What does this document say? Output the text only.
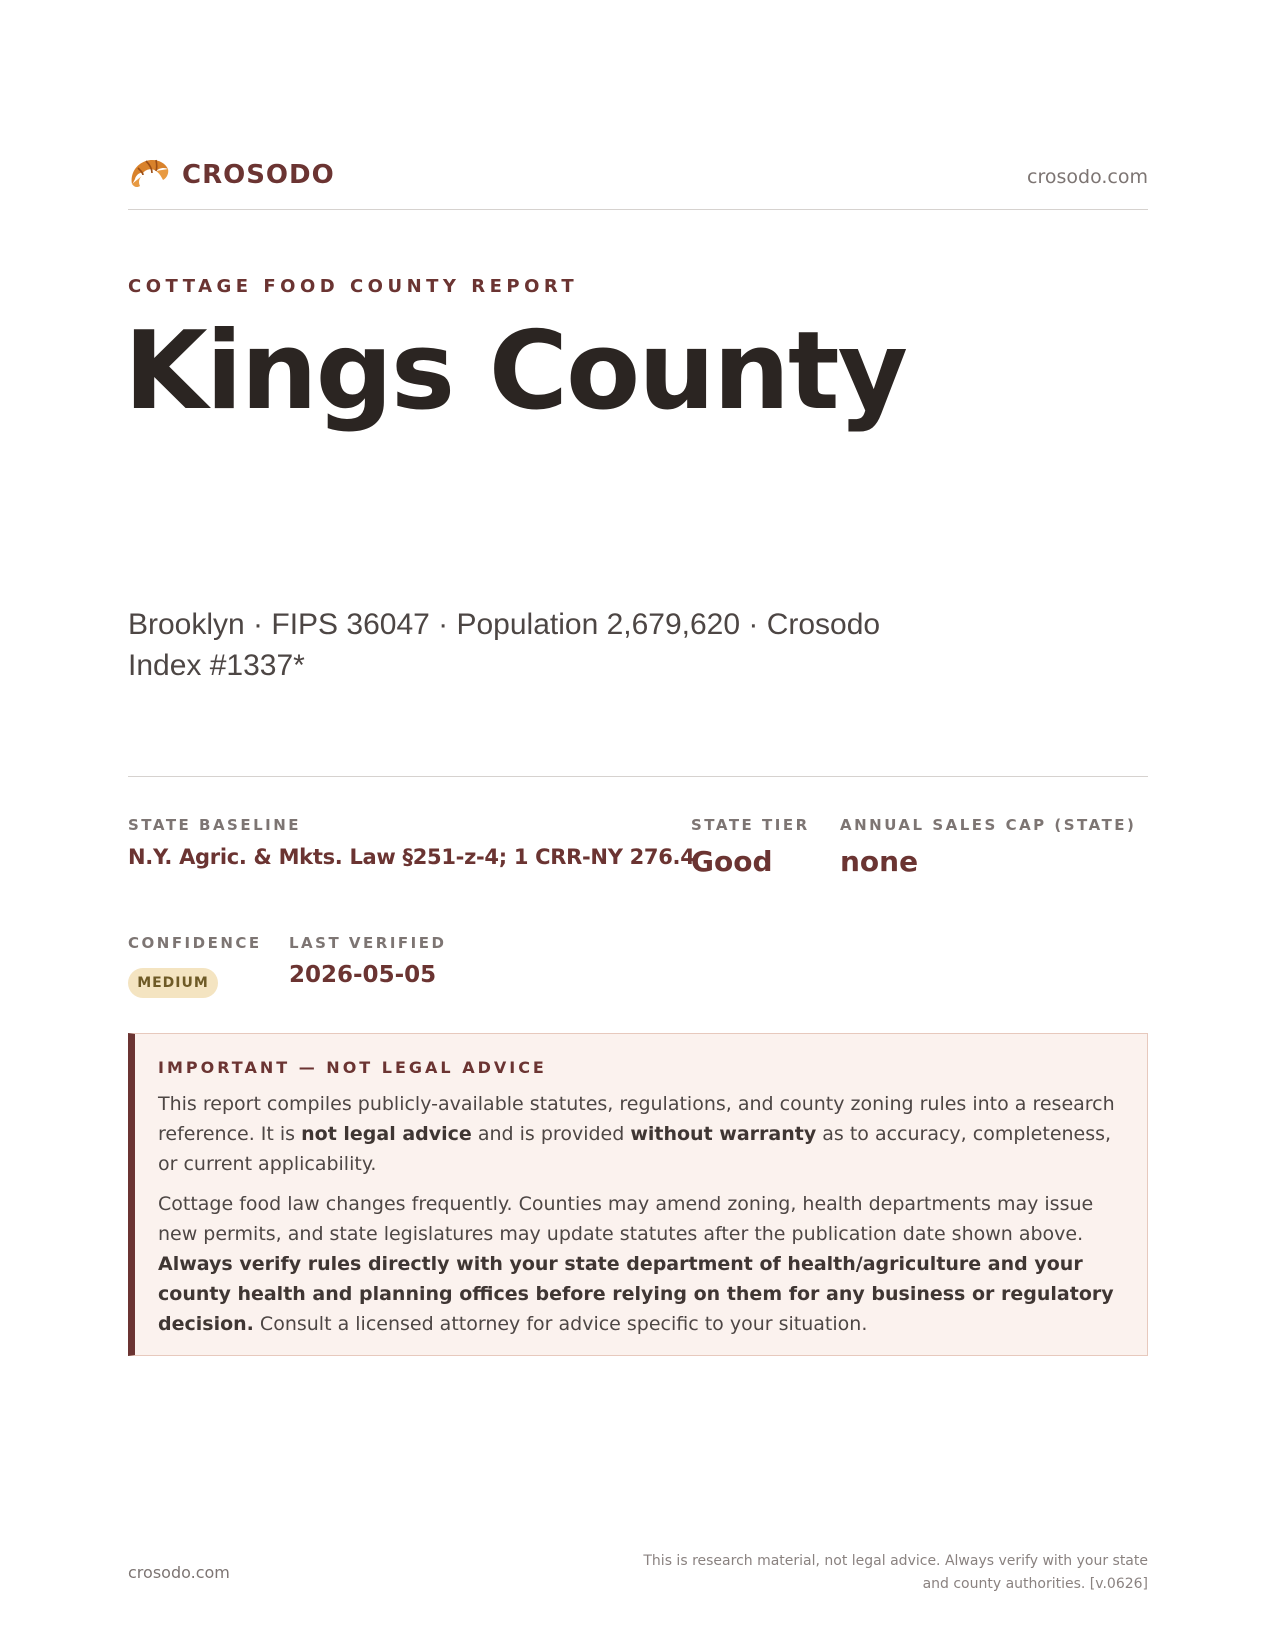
CROSODO	crosodo.com
COTTAGE FOOD COUNTY REPORT
Kings County
Brooklyn · FIPS 36047 · Population 2,679,620 · Crosodo Index #1337*
STATE BASELINE
N.Y. Agric. & Mkts. Law §251-z-4; 1 CRR-NY 276.4
STATE TIER
Good
ANNUAL SALES CAP (STATE)
none
CONFIDENCE
MEDIUM
LAST VERIFIED
2026-05-05
IMPORTANT — NOT LEGAL ADVICE

This report compiles publicly-available statutes, regulations, and county zoning rules into a research reference. It is not legal advice and is provided without warranty as to accuracy, completeness, or current applicability.

Cottage food law changes frequently. Counties may amend zoning, health departments may issue new permits, and state legislatures may update statutes after the publication date shown above. Always verify rules directly with your state department of health/agriculture and your county health and planning offices before relying on them for any business or regulatory decision. Consult a licensed attorney for advice specific to your situation.

crosodo.com
This is research material, not legal advice. Always verify with your state
and county authorities. [v.0626]
